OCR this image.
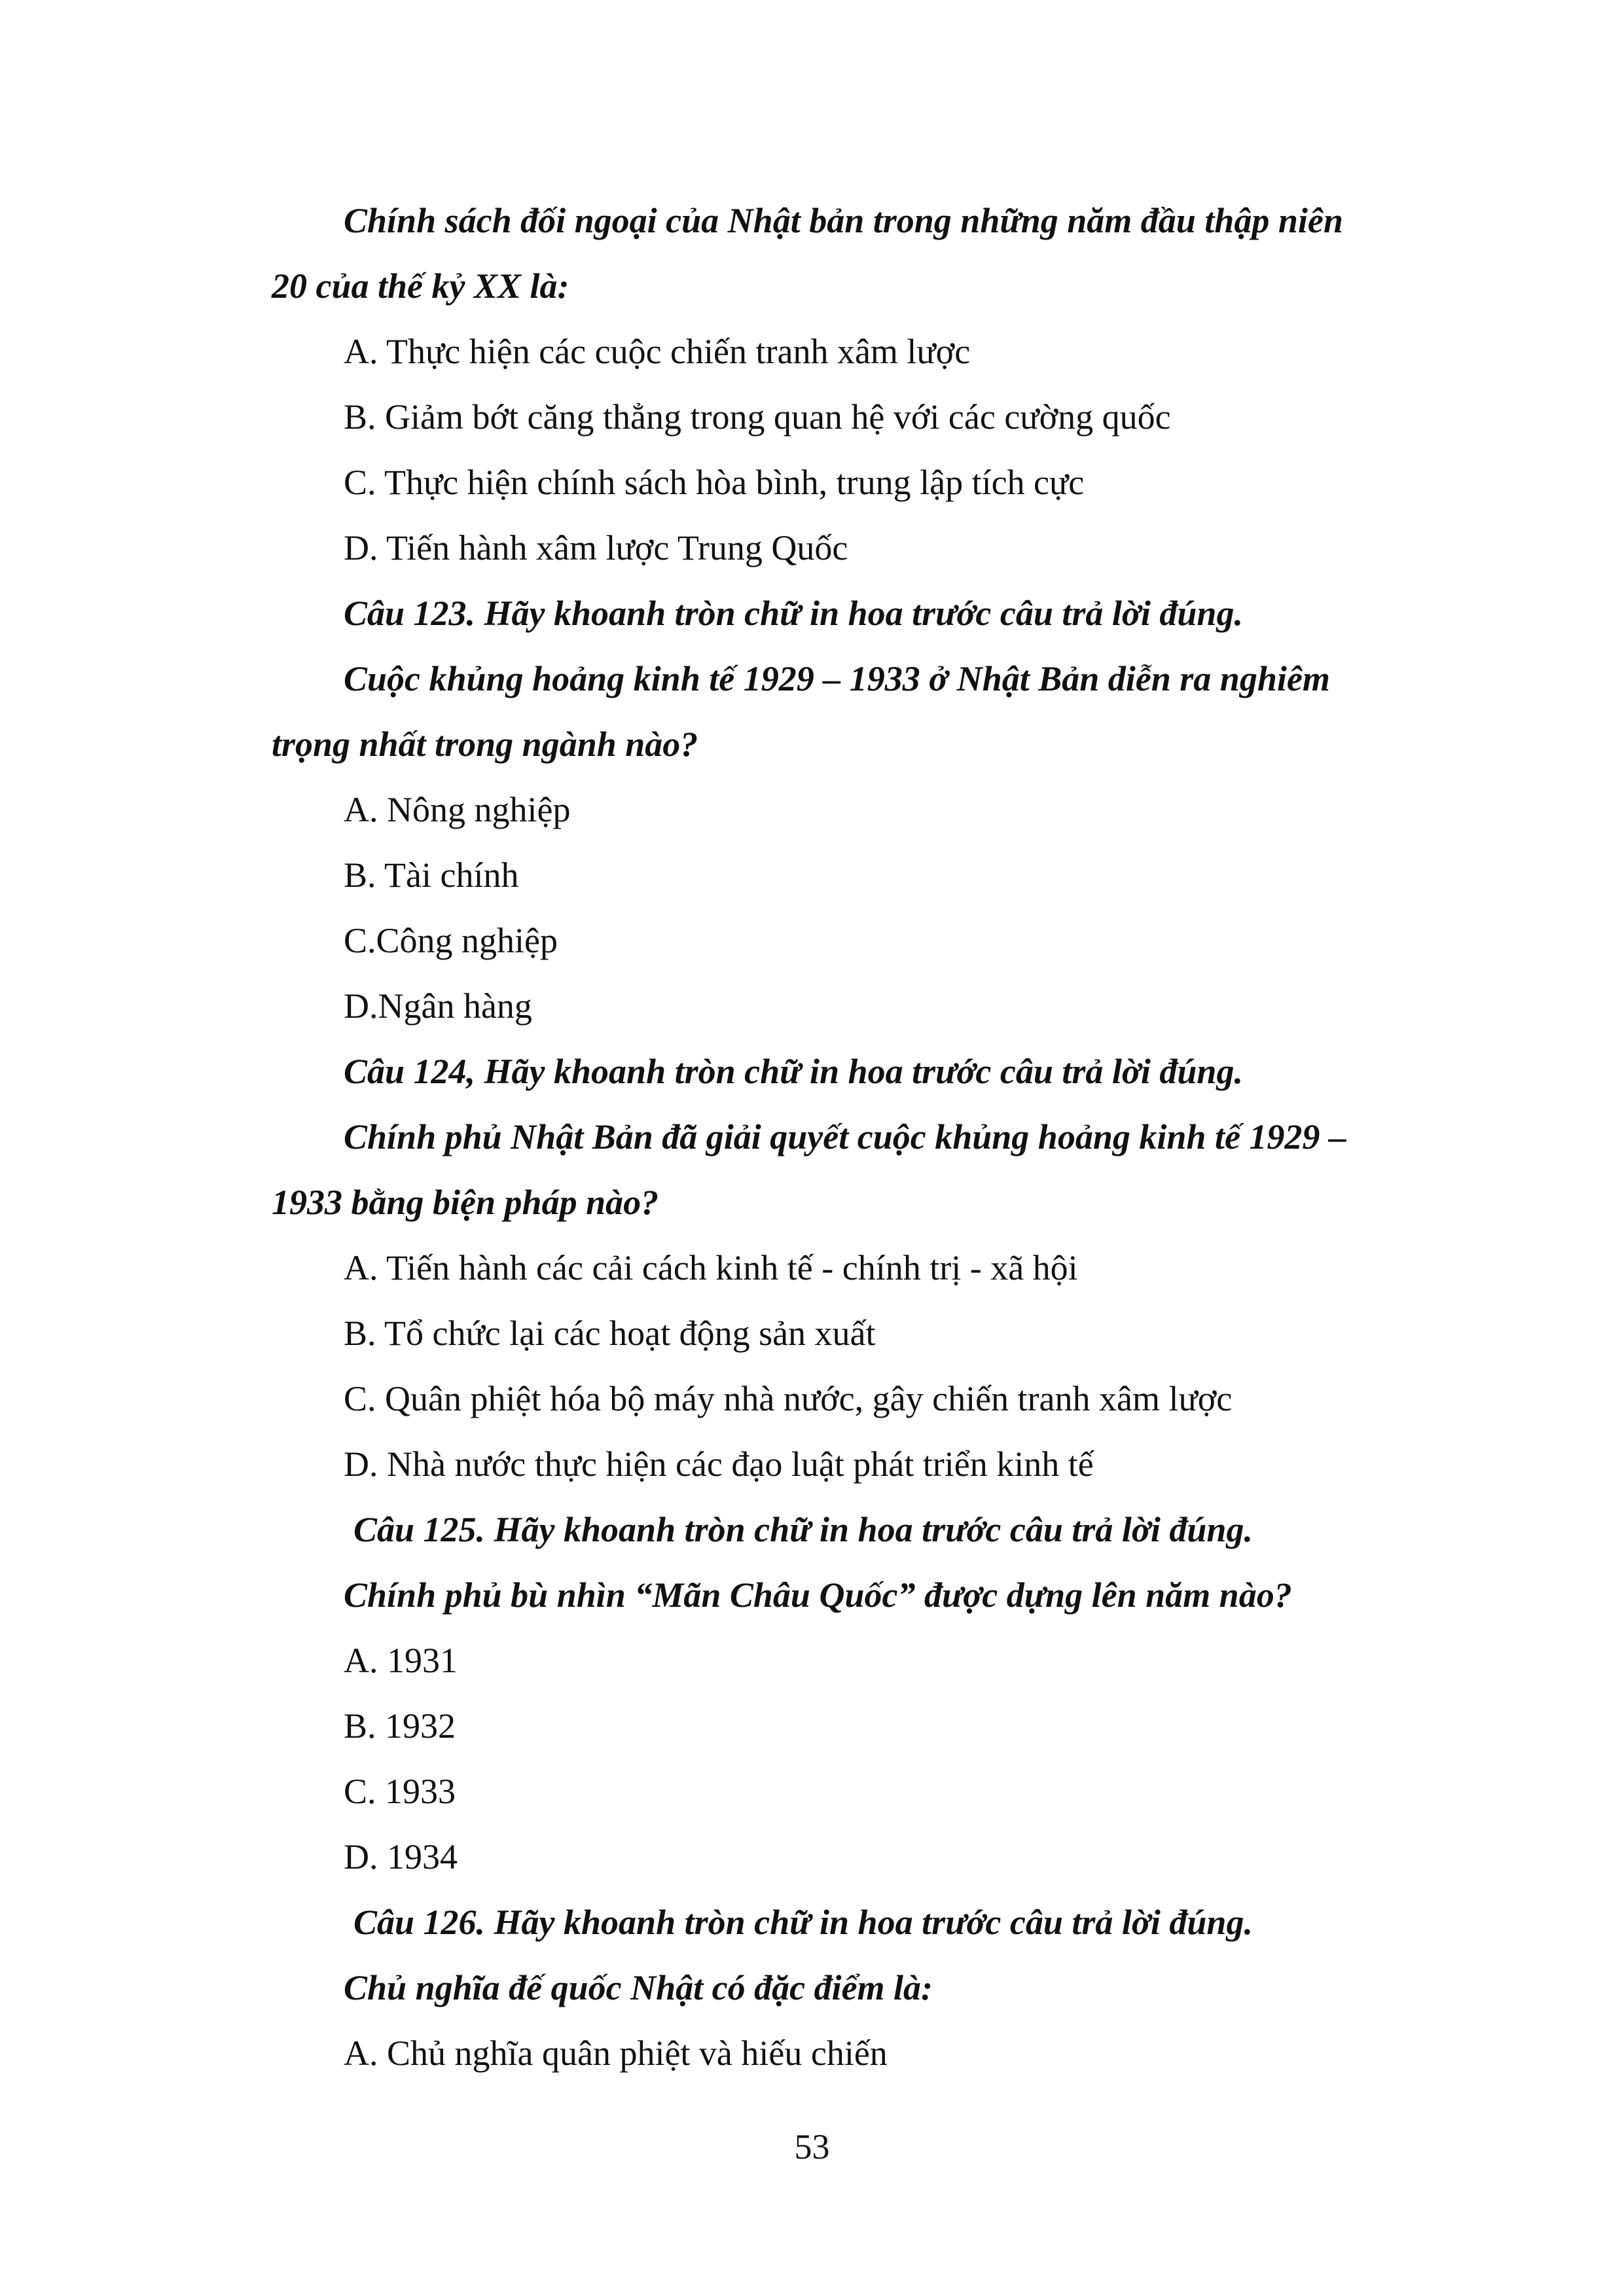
Chính sách đối ngoại của Nhật bản trong những năm đầu thập niên
20 của thế kỷ XX là:
A. Thực hiện các cuộc chiến tranh xâm lược
B. Giảm bớt căng thẳng trong quan hệ với các cường quốc
C. Thực hiện chính sách hòa bình, trung lập tích cực
D. Tiến hành xâm lược Trung Quốc
Câu 123. Hãy khoanh tròn chữ in hoa trước câu trả lời đúng.
Cuộc khủng hoảng kinh tế 1929 – 1933 ở Nhật Bản diễn ra nghiêm
trọng nhất trong ngành nào?
A. Nông nghiệp
B. Tài chính
C.Công nghiệp
D.Ngân hàng
Câu 124, Hãy khoanh tròn chữ in hoa trước câu trả lời đúng.
Chính phủ Nhật Bản đã giải quyết cuộc khủng hoảng kinh tế 1929 –
1933 bằng biện pháp nào?
A. Tiến hành các cải cách kinh tế - chính trị - xã hội
B. Tổ chức lại các hoạt động sản xuất
C. Quân phiệt hóa bộ máy nhà nước, gây chiến tranh xâm lược
D. Nhà nước thực hiện các đạo luật phát triển kinh tế
Câu 125. Hãy khoanh tròn chữ in hoa trước câu trả lời đúng.
Chính phủ bù nhìn “Mãn Châu Quốc” được dựng lên năm nào?
A. 1931
B. 1932
C. 1933
D. 1934
Câu 126. Hãy khoanh tròn chữ in hoa trước câu trả lời đúng.
Chủ nghĩa đế quốc Nhật có đặc điểm là:
A. Chủ nghĩa quân phiệt và hiếu chiến
53
